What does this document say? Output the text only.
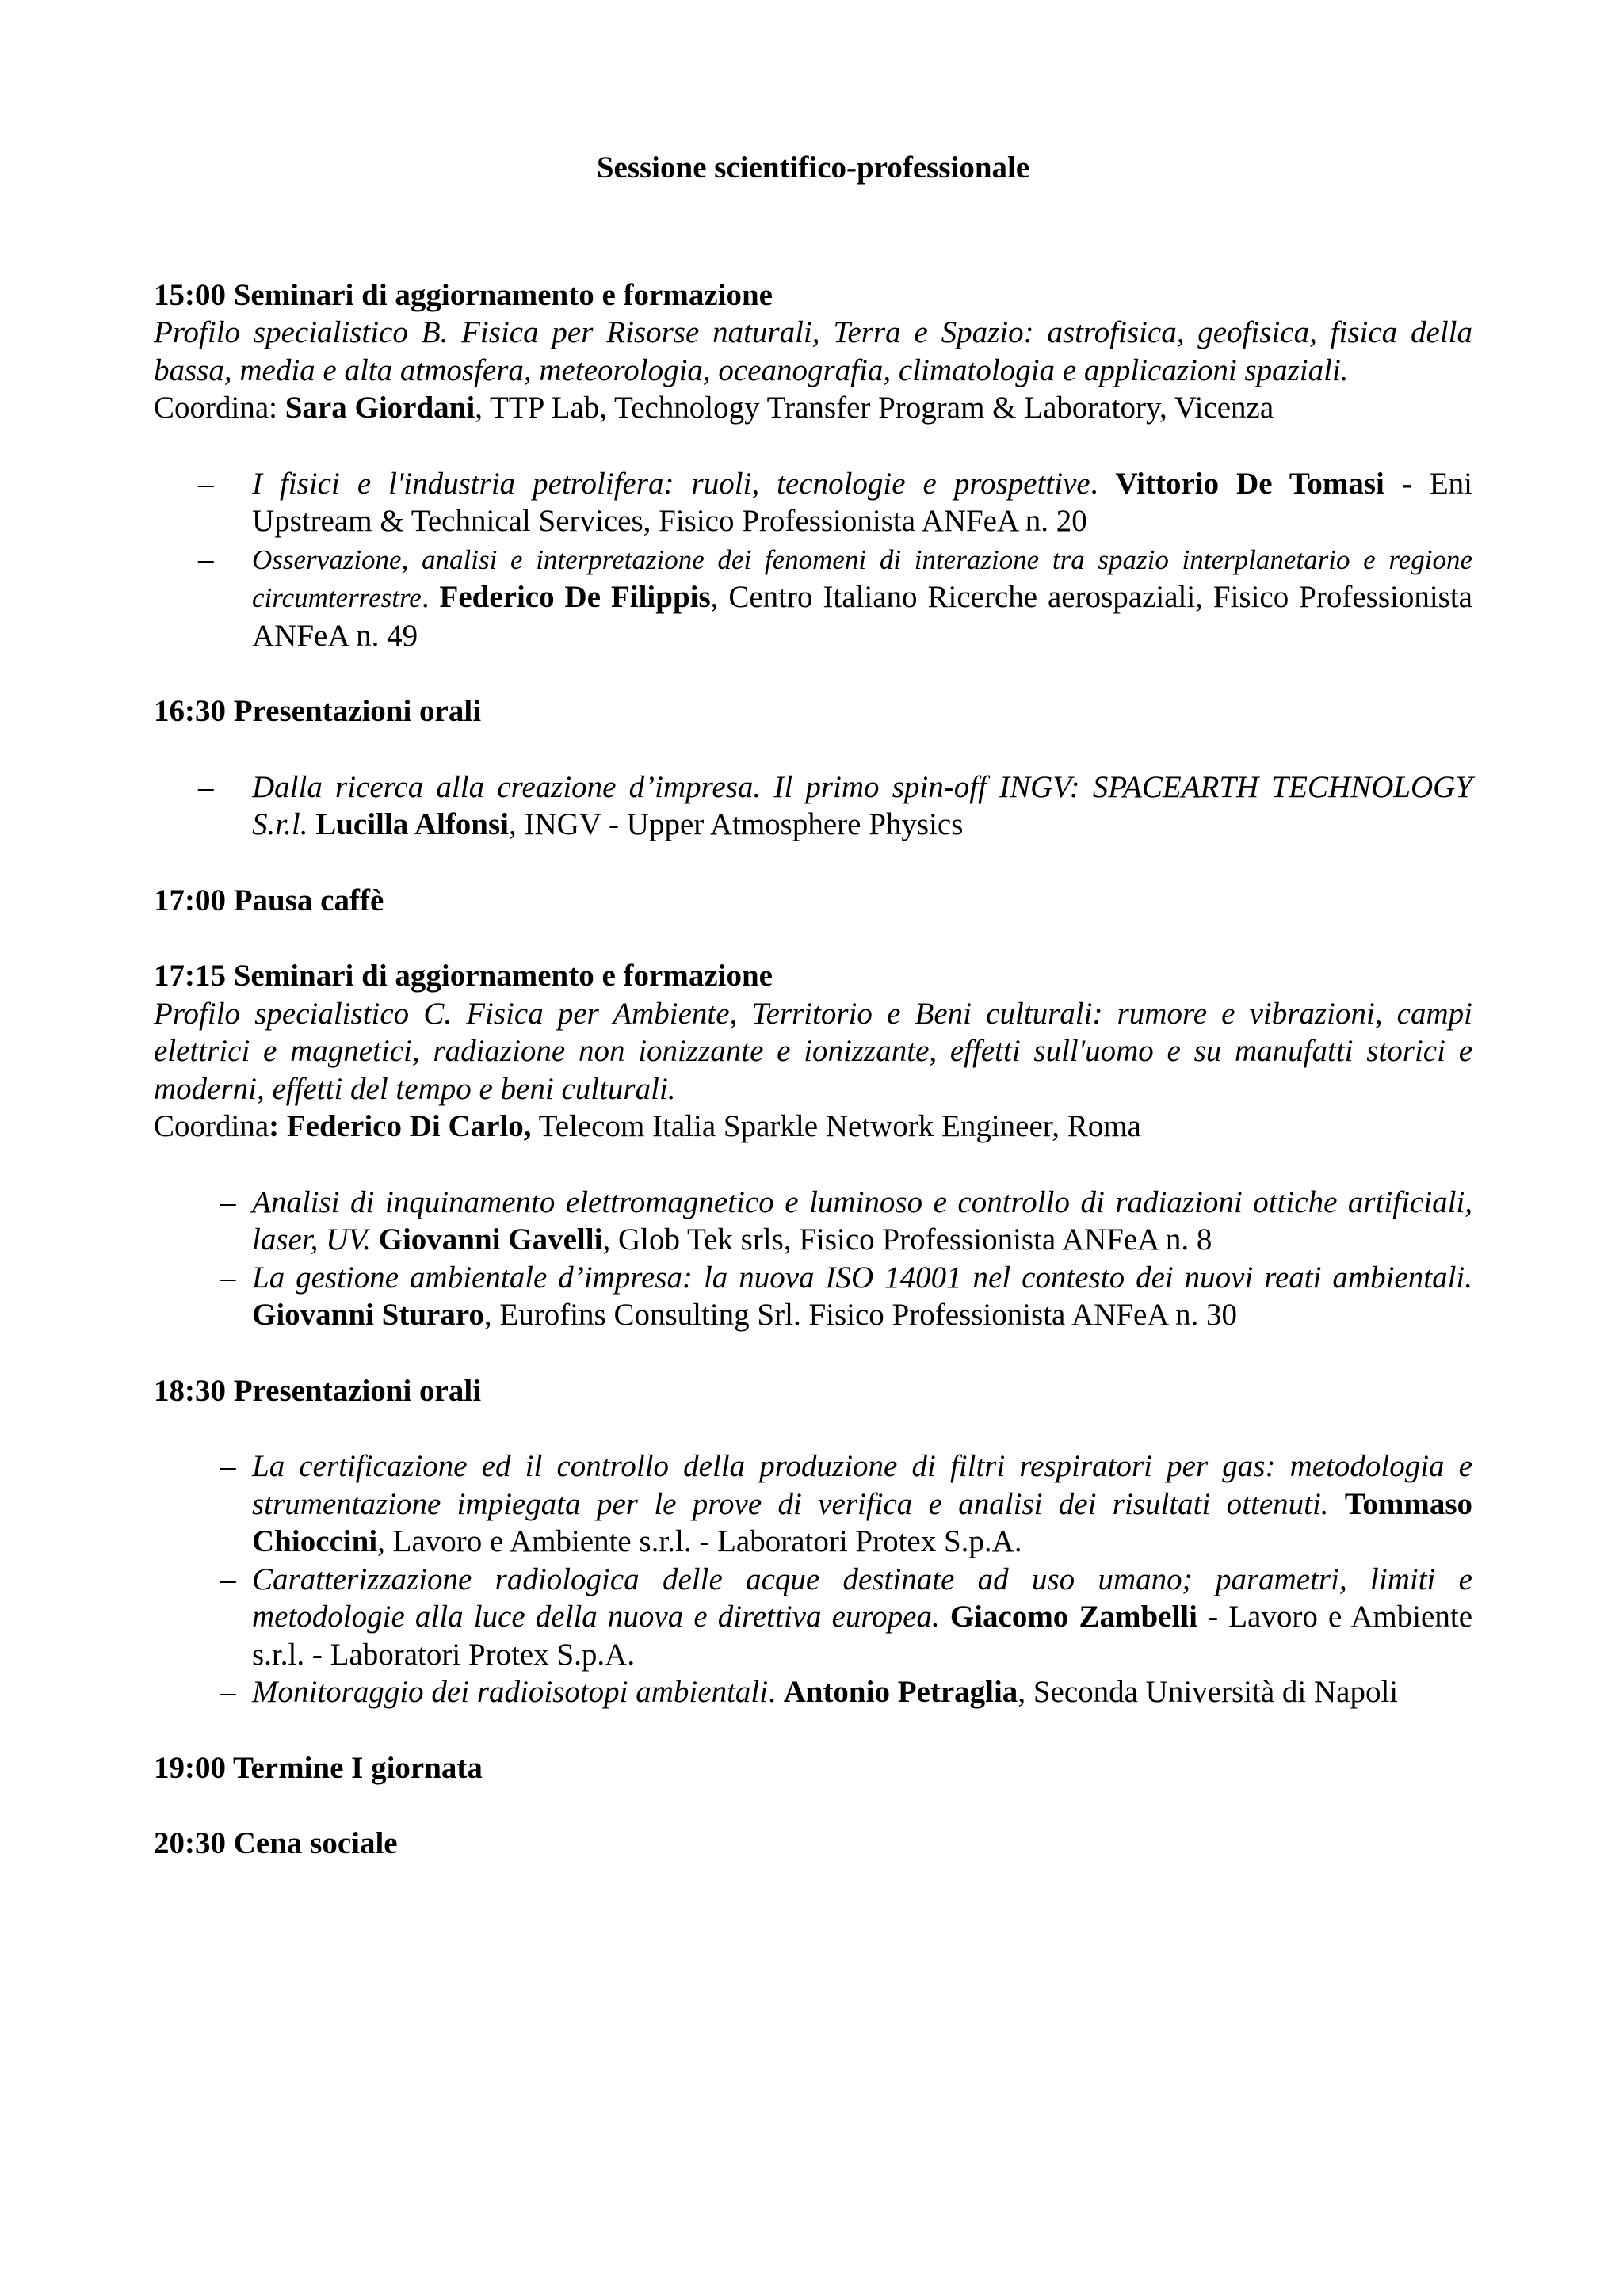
Sessione scientifico-professionale
15:00 Seminari di aggiornamento e formazione
Profilo specialistico B. Fisica per Risorse naturali, Terra e Spazio: astrofisica, geofisica, fisica della bassa, media e alta atmosfera, meteorologia, oceanografia, climatologia e applicazioni spaziali.
Coordina: Sara Giordani, TTP Lab, Technology Transfer Program & Laboratory, Vicenza
– I fisici e l'industria petrolifera: ruoli, tecnologie e prospettive. Vittorio De Tomasi - Eni Upstream & Technical Services, Fisico Professionista ANFeA n. 20
– Osservazione, analisi e interpretazione dei fenomeni di interazione tra spazio interplanetario e regione circumterrestre. Federico De Filippis, Centro Italiano Ricerche aerospaziali, Fisico Professionista ANFeA n. 49
16:30 Presentazioni orali
– Dalla ricerca alla creazione d’impresa. Il primo spin-off INGV: SPACEARTH TECHNOLOGY S.r.l. Lucilla Alfonsi, INGV - Upper Atmosphere Physics
17:00 Pausa caffè
17:15 Seminari di aggiornamento e formazione
Profilo specialistico C. Fisica per Ambiente, Territorio e Beni culturali: rumore e vibrazioni, campi elettrici e magnetici, radiazione non ionizzante e ionizzante, effetti sull'uomo e su manufatti storici e moderni, effetti del tempo e beni culturali.
Coordina: Federico Di Carlo, Telecom Italia Sparkle Network Engineer, Roma
– Analisi di inquinamento elettromagnetico e luminoso e controllo di radiazioni ottiche artificiali, laser, UV. Giovanni Gavelli, Glob Tek srls, Fisico Professionista ANFeA n. 8
– La gestione ambientale d’impresa: la nuova ISO 14001 nel contesto dei nuovi reati ambientali. Giovanni Sturaro, Eurofins Consulting Srl. Fisico Professionista ANFeA n. 30
18:30 Presentazioni orali
– La certificazione ed il controllo della produzione di filtri respiratori per gas: metodologia e strumentazione impiegata per le prove di verifica e analisi dei risultati ottenuti. Tommaso Chioccini, Lavoro e Ambiente s.r.l. - Laboratori Protex S.p.A.
– Caratterizzazione radiologica delle acque destinate ad uso umano; parametri, limiti e metodologie alla luce della nuova e direttiva europea. Giacomo Zambelli - Lavoro e Ambiente s.r.l. - Laboratori Protex S.p.A.
– Monitoraggio dei radioisotopi ambientali. Antonio Petraglia, Seconda Università di Napoli
19:00 Termine I giornata
20:30 Cena sociale
